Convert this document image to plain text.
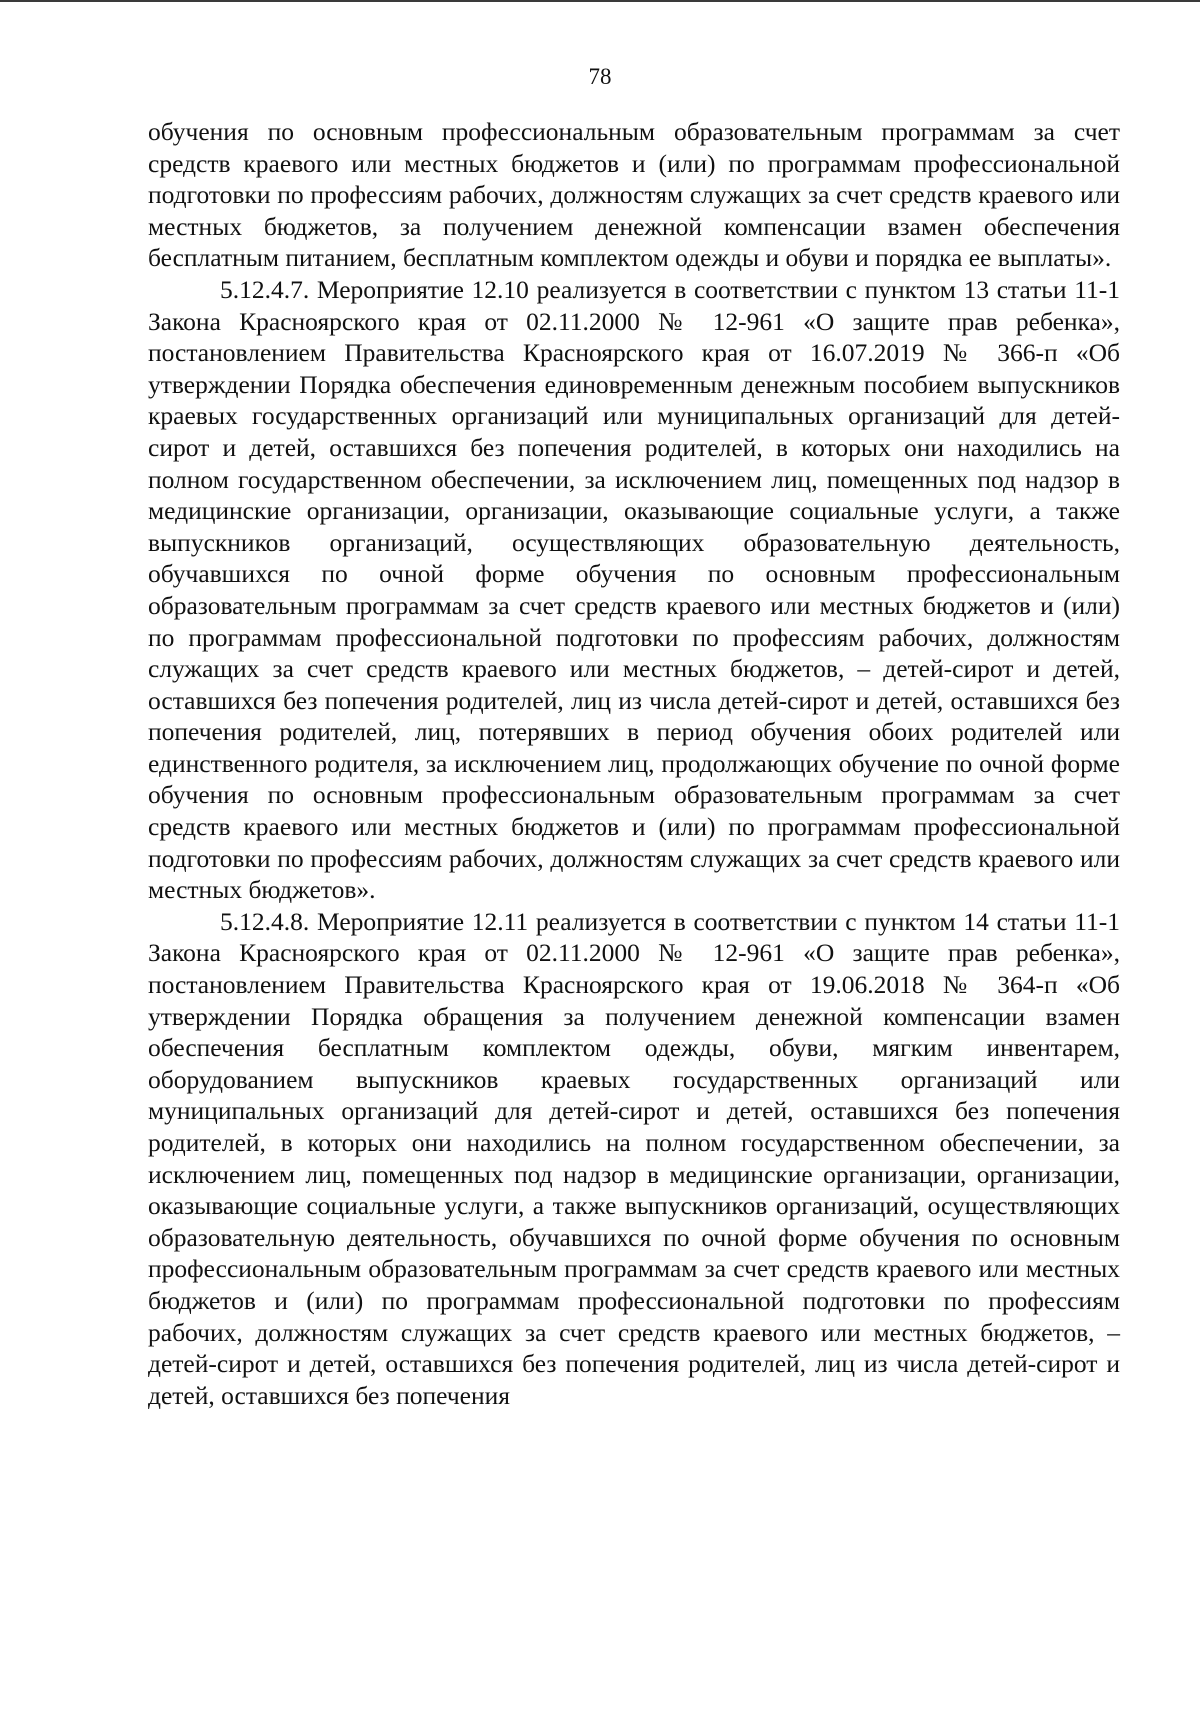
78

обучения по основным профессиональным образовательным программам за счет средств краевого или местных бюджетов и (или) по программам профессиональной подготовки по профессиям рабочих, должностям служащих за счет средств краевого или местных бюджетов, за получением денежной компенсации взамен обеспечения бесплатным питанием, бесплатным комплектом одежды и обуви и порядка ее выплаты».

5.12.4.7. Мероприятие 12.10 реализуется в соответствии с пунктом 13 статьи 11-1 Закона Красноярского края от 02.11.2000 № 12-961 «О защите прав ребенка», постановлением Правительства Красноярского края от 16.07.2019 № 366-п «Об утверждении Порядка обеспечения единовременным денежным пособием выпускников краевых государственных организаций или муниципальных организаций для детей-сирот и детей, оставшихся без попечения родителей, в которых они находились на полном государственном обеспечении, за исключением лиц, помещенных под надзор в медицинские организации, организации, оказывающие социальные услуги, а также выпускников организаций, осуществляющих образовательную деятельность, обучавшихся по очной форме обучения по основным профессиональным образовательным программам за счет средств краевого или местных бюджетов и (или) по программам профессиональной подготовки по профессиям рабочих, должностям служащих за счет средств краевого или местных бюджетов, – детей-сирот и детей, оставшихся без попечения родителей, лиц из числа детей-сирот и детей, оставшихся без попечения родителей, лиц, потерявших в период обучения обоих родителей или единственного родителя, за исключением лиц, продолжающих обучение по очной форме обучения по основным профессиональным образовательным программам за счет средств краевого или местных бюджетов и (или) по программам профессиональной подготовки по профессиям рабочих, должностям служащих за счет средств краевого или местных бюджетов».

5.12.4.8. Мероприятие 12.11 реализуется в соответствии с пунктом 14 статьи 11-1 Закона Красноярского края от 02.11.2000 № 12-961 «О защите прав ребенка», постановлением Правительства Красноярского края от 19.06.2018 № 364-п «Об утверждении Порядка обращения за получением денежной компенсации взамен обеспечения бесплатным комплектом одежды, обуви, мягким инвентарем, оборудованием выпускников краевых государственных организаций или муниципальных организаций для детей-сирот и детей, оставшихся без попечения родителей, в которых они находились на полном государственном обеспечении, за исключением лиц, помещенных под надзор в медицинские организации, организации, оказывающие социальные услуги, а также выпускников организаций, осуществляющих образовательную деятельность, обучавшихся по очной форме обучения по основным профессиональным образовательным программам за счет средств краевого или местных бюджетов и (или) по программам профессиональной подготовки по профессиям рабочих, должностям служащих за счет средств краевого или местных бюджетов, – детей-сирот и детей, оставшихся без попечения родителей, лиц из числа детей-сирот и детей, оставшихся без попечения
